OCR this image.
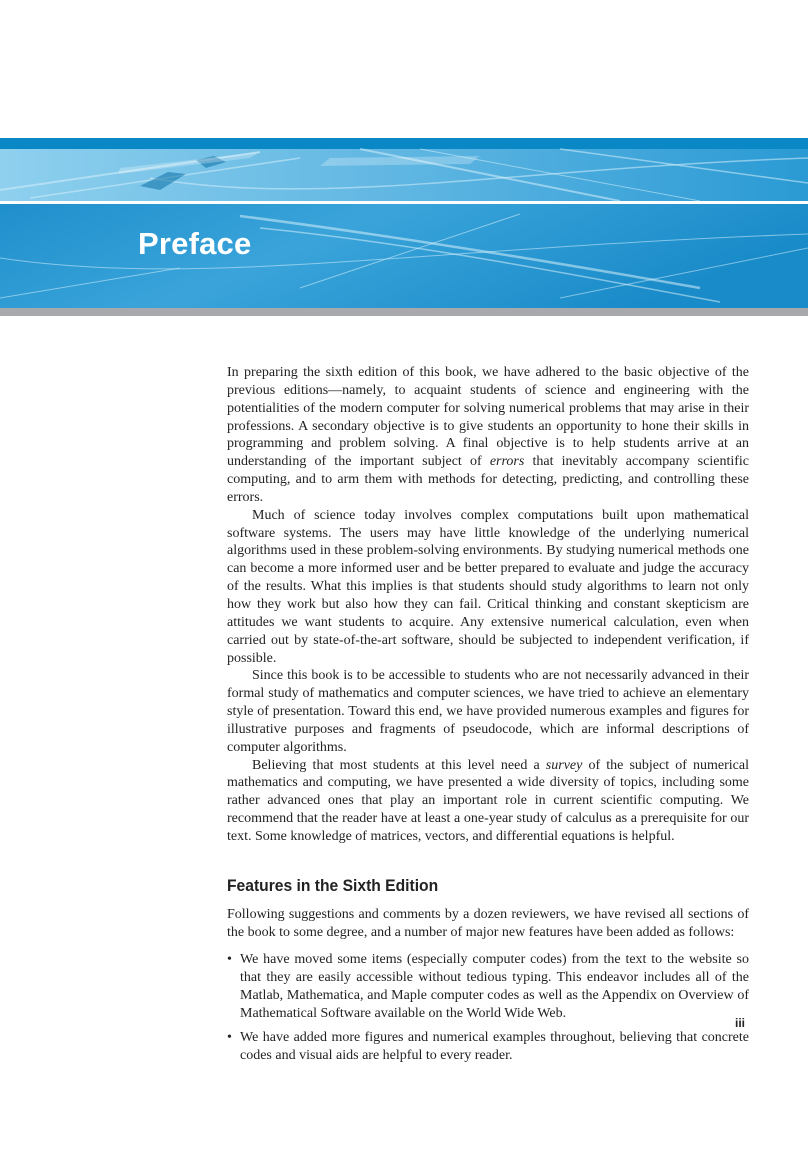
Preface

In preparing the sixth edition of this book, we have adhered to the basic objective of the previous editions—namely, to acquaint students of science and engineering with the potentialities of the modern computer for solving numerical problems that may arise in their professions. A secondary objective is to give students an opportunity to hone their skills in programming and problem solving. A final objective is to help students arrive at an understanding of the important subject of errors that inevitably accompany scientific computing, and to arm them with methods for detecting, predicting, and controlling these errors.

Much of science today involves complex computations built upon mathematical software systems. The users may have little knowledge of the underlying numerical algorithms used in these problem-solving environments. By studying numerical methods one can become a more informed user and be better prepared to evaluate and judge the accuracy of the results. What this implies is that students should study algorithms to learn not only how they work but also how they can fail. Critical thinking and constant skepticism are attitudes we want students to acquire. Any extensive numerical calculation, even when carried out by state-of-the-art software, should be subjected to independent verification, if possible.

Since this book is to be accessible to students who are not necessarily advanced in their formal study of mathematics and computer sciences, we have tried to achieve an elementary style of presentation. Toward this end, we have provided numerous examples and figures for illustrative purposes and fragments of pseudocode, which are informal descriptions of computer algorithms.

Believing that most students at this level need a survey of the subject of numerical mathematics and computing, we have presented a wide diversity of topics, including some rather advanced ones that play an important role in current scientific computing. We recommend that the reader have at least a one-year study of calculus as a prerequisite for our text. Some knowledge of matrices, vectors, and differential equations is helpful.

Features in the Sixth Edition

Following suggestions and comments by a dozen reviewers, we have revised all sections of the book to some degree, and a number of major new features have been added as follows:

• We have moved some items (especially computer codes) from the text to the website so that they are easily accessible without tedious typing. This endeavor includes all of the Matlab, Mathematica, and Maple computer codes as well as the Appendix on Overview of Mathematical Software available on the World Wide Web.
• We have added more figures and numerical examples throughout, believing that concrete codes and visual aids are helpful to every reader.
iii
